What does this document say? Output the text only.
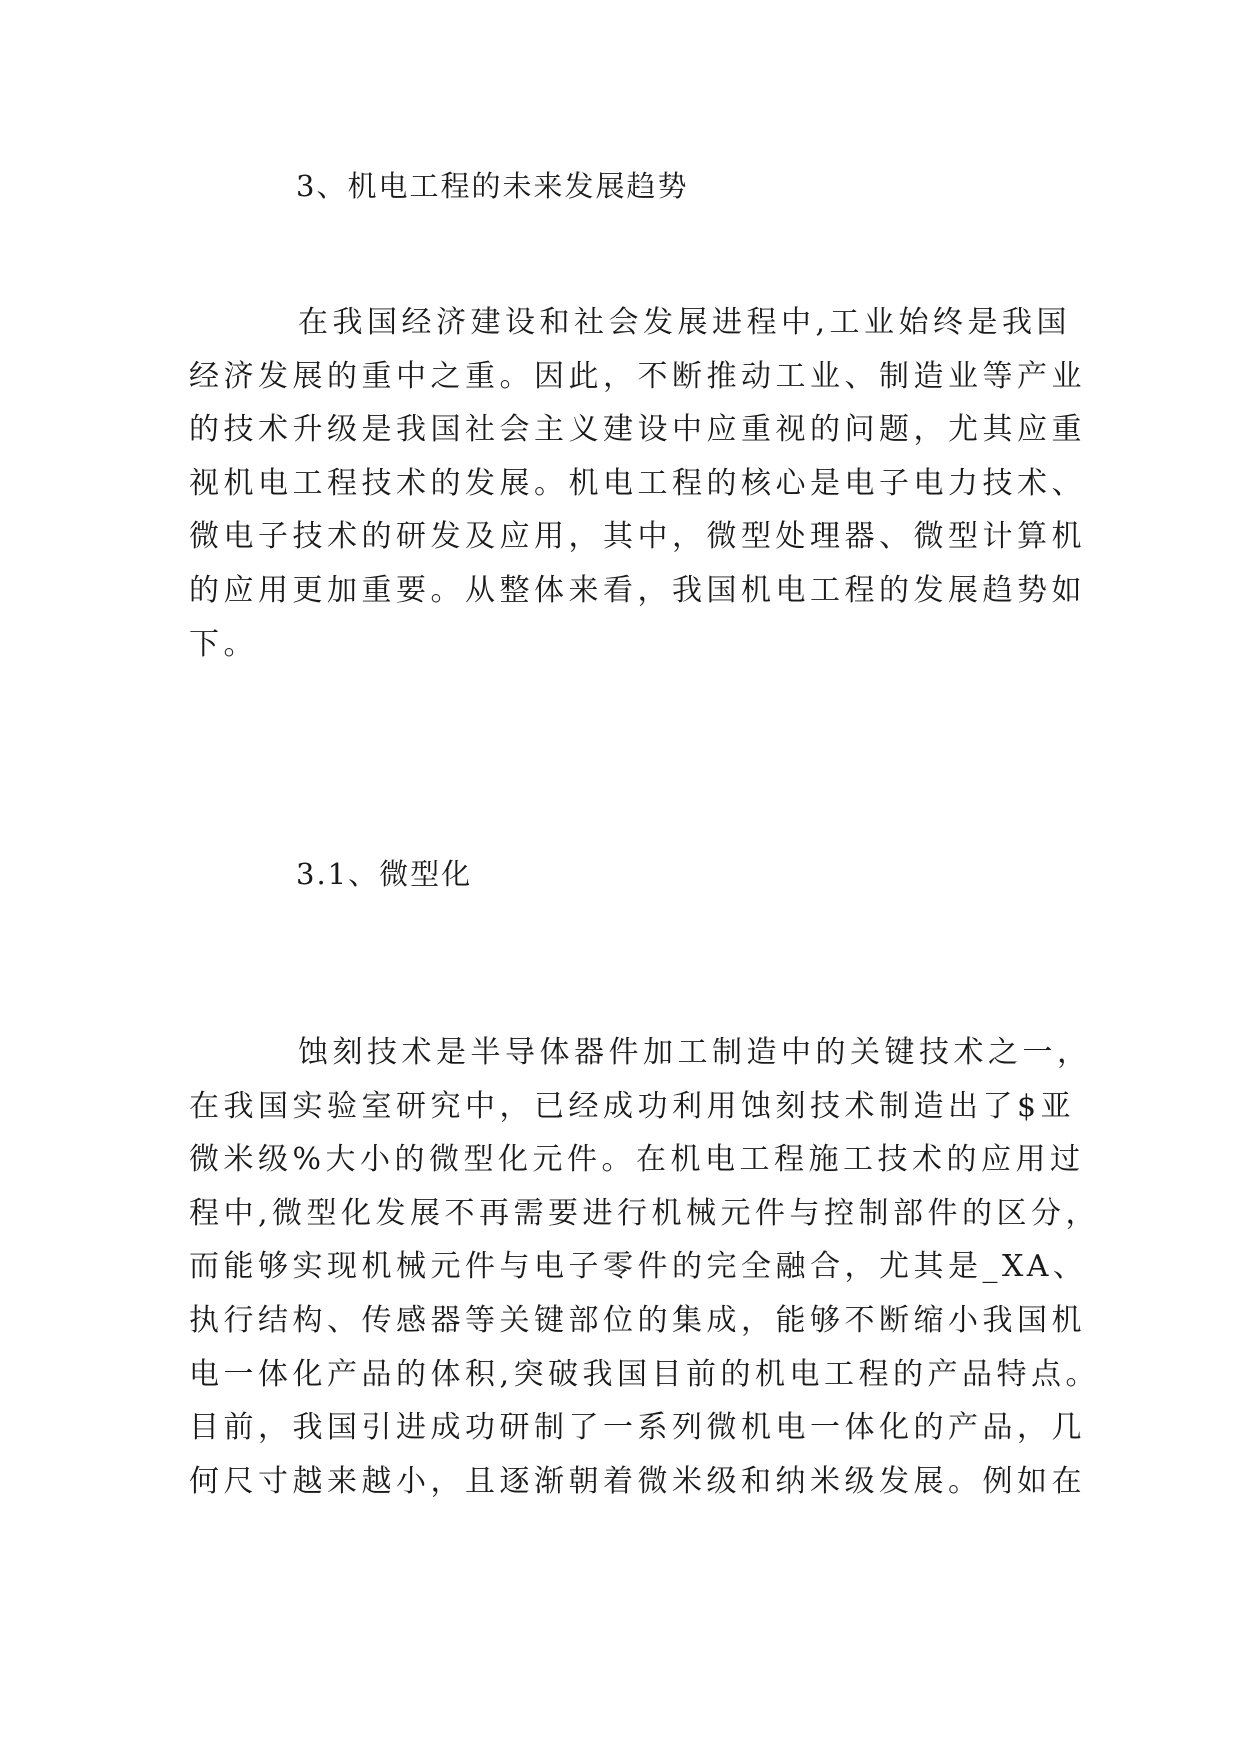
3、机电工程的未来发展趋势
在我国经济建设和社会发展进程中,工业始终是我国
经济发展的重中之重。因此，不断推动工业、制造业等产业
的技术升级是我国社会主义建设中应重视的问题，尤其应重
视机电工程技术的发展。机电工程的核心是电子电力技术、
微电子技术的研发及应用，其中，微型处理器、微型计算机
的应用更加重要。从整体来看，我国机电工程的发展趋势如
下。
3.1、微型化
蚀刻技术是半导体器件加工制造中的关键技术之一，
在我国实验室研究中，已经成功利用蚀刻技术制造出了$亚
微米级%大小的微型化元件。在机电工程施工技术的应用过
程中,微型化发展不再需要进行机械元件与控制部件的区分，
而能够实现机械元件与电子零件的完全融合，尤其是_XA、
执行结构、传感器等关键部位的集成，能够不断缩小我国机
电一体化产品的体积,突破我国目前的机电工程的产品特点。
目前，我国引进成功研制了一系列微机电一体化的产品，几
何尺寸越来越小，且逐渐朝着微米级和纳米级发展。例如在
